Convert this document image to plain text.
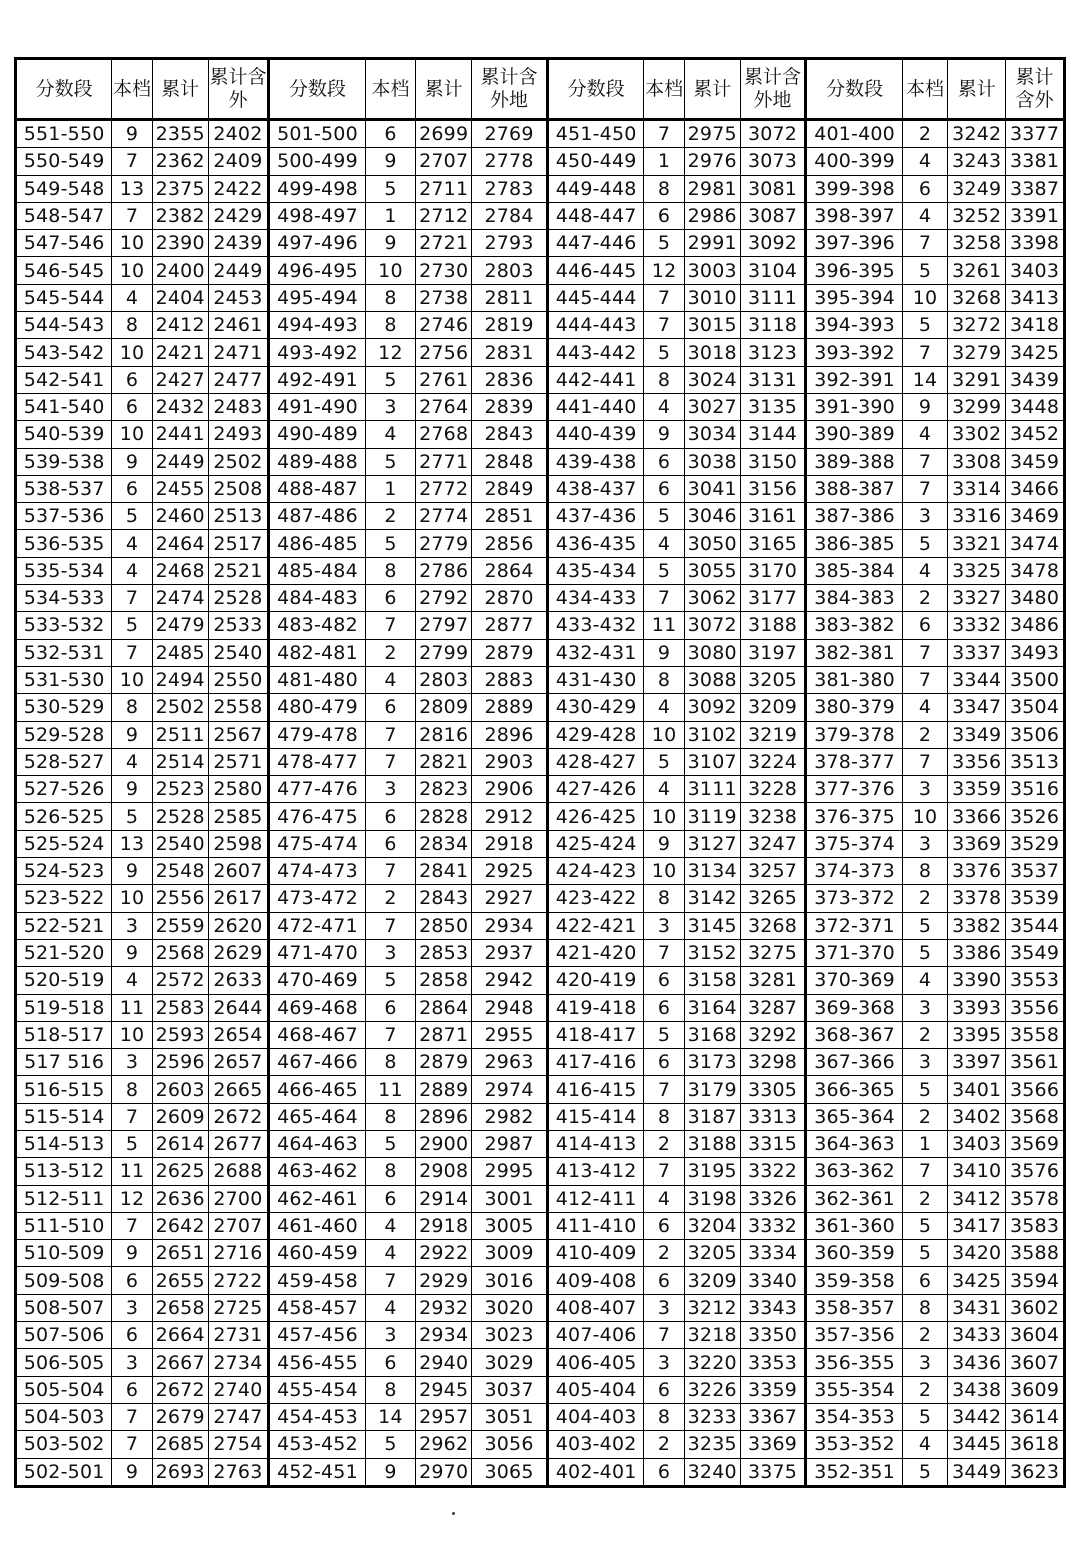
分数段	本档	累计	累计含外	分数段	本档	累计	累计含外地	分数段	本档	累计	累计含外地	分数段	本档	累计	累计含外
551-550	9	2355	2402	501-500	6	2699	2769	451-450	7	2975	3072	401-400	2	3242	3377
550-549	7	2362	2409	500-499	9	2707	2778	450-449	1	2976	3073	400-399	4	3243	3381
549-548	13	2375	2422	499-498	5	2711	2783	449-448	8	2981	3081	399-398	6	3249	3387
548-547	7	2382	2429	498-497	1	2712	2784	448-447	6	2986	3087	398-397	4	3252	3391
547-546	10	2390	2439	497-496	9	2721	2793	447-446	5	2991	3092	397-396	7	3258	3398
546-545	10	2400	2449	496-495	10	2730	2803	446-445	12	3003	3104	396-395	5	3261	3403
545-544	4	2404	2453	495-494	8	2738	2811	445-444	7	3010	3111	395-394	10	3268	3413
544-543	8	2412	2461	494-493	8	2746	2819	444-443	7	3015	3118	394-393	5	3272	3418
543-542	10	2421	2471	493-492	12	2756	2831	443-442	5	3018	3123	393-392	7	3279	3425
542-541	6	2427	2477	492-491	5	2761	2836	442-441	8	3024	3131	392-391	14	3291	3439
541-540	6	2432	2483	491-490	3	2764	2839	441-440	4	3027	3135	391-390	9	3299	3448
540-539	10	2441	2493	490-489	4	2768	2843	440-439	9	3034	3144	390-389	4	3302	3452
539-538	9	2449	2502	489-488	5	2771	2848	439-438	6	3038	3150	389-388	7	3308	3459
538-537	6	2455	2508	488-487	1	2772	2849	438-437	6	3041	3156	388-387	7	3314	3466
537-536	5	2460	2513	487-486	2	2774	2851	437-436	5	3046	3161	387-386	3	3316	3469
536-535	4	2464	2517	486-485	5	2779	2856	436-435	4	3050	3165	386-385	5	3321	3474
535-534	4	2468	2521	485-484	8	2786	2864	435-434	5	3055	3170	385-384	4	3325	3478
534-533	7	2474	2528	484-483	6	2792	2870	434-433	7	3062	3177	384-383	2	3327	3480
533-532	5	2479	2533	483-482	7	2797	2877	433-432	11	3072	3188	383-382	6	3332	3486
532-531	7	2485	2540	482-481	2	2799	2879	432-431	9	3080	3197	382-381	7	3337	3493
531-530	10	2494	2550	481-480	4	2803	2883	431-430	8	3088	3205	381-380	7	3344	3500
530-529	8	2502	2558	480-479	6	2809	2889	430-429	4	3092	3209	380-379	4	3347	3504
529-528	9	2511	2567	479-478	7	2816	2896	429-428	10	3102	3219	379-378	2	3349	3506
528-527	4	2514	2571	478-477	7	2821	2903	428-427	5	3107	3224	378-377	7	3356	3513
527-526	9	2523	2580	477-476	3	2823	2906	427-426	4	3111	3228	377-376	3	3359	3516
526-525	5	2528	2585	476-475	6	2828	2912	426-425	10	3119	3238	376-375	10	3366	3526
525-524	13	2540	2598	475-474	6	2834	2918	425-424	9	3127	3247	375-374	3	3369	3529
524-523	9	2548	2607	474-473	7	2841	2925	424-423	10	3134	3257	374-373	8	3376	3537
523-522	10	2556	2617	473-472	2	2843	2927	423-422	8	3142	3265	373-372	2	3378	3539
522-521	3	2559	2620	472-471	7	2850	2934	422-421	3	3145	3268	372-371	5	3382	3544
521-520	9	2568	2629	471-470	3	2853	2937	421-420	7	3152	3275	371-370	5	3386	3549
520-519	4	2572	2633	470-469	5	2858	2942	420-419	6	3158	3281	370-369	4	3390	3553
519-518	11	2583	2644	469-468	6	2864	2948	419-418	6	3164	3287	369-368	3	3393	3556
518-517	10	2593	2654	468-467	7	2871	2955	418-417	5	3168	3292	368-367	2	3395	3558
517 516	3	2596	2657	467-466	8	2879	2963	417-416	6	3173	3298	367-366	3	3397	3561
516-515	8	2603	2665	466-465	11	2889	2974	416-415	7	3179	3305	366-365	5	3401	3566
515-514	7	2609	2672	465-464	8	2896	2982	415-414	8	3187	3313	365-364	2	3402	3568
514-513	5	2614	2677	464-463	5	2900	2987	414-413	2	3188	3315	364-363	1	3403	3569
513-512	11	2625	2688	463-462	8	2908	2995	413-412	7	3195	3322	363-362	7	3410	3576
512-511	12	2636	2700	462-461	6	2914	3001	412-411	4	3198	3326	362-361	2	3412	3578
511-510	7	2642	2707	461-460	4	2918	3005	411-410	6	3204	3332	361-360	5	3417	3583
510-509	9	2651	2716	460-459	4	2922	3009	410-409	2	3205	3334	360-359	5	3420	3588
509-508	6	2655	2722	459-458	7	2929	3016	409-408	6	3209	3340	359-358	6	3425	3594
508-507	3	2658	2725	458-457	4	2932	3020	408-407	3	3212	3343	358-357	8	3431	3602
507-506	6	2664	2731	457-456	3	2934	3023	407-406	7	3218	3350	357-356	2	3433	3604
506-505	3	2667	2734	456-455	6	2940	3029	406-405	3	3220	3353	356-355	3	3436	3607
505-504	6	2672	2740	455-454	8	2945	3037	405-404	6	3226	3359	355-354	2	3438	3609
504-503	7	2679	2747	454-453	14	2957	3051	404-403	8	3233	3367	354-353	5	3442	3614
503-502	7	2685	2754	453-452	5	2962	3056	403-402	2	3235	3369	353-352	4	3445	3618
502-501	9	2693	2763	452-451	9	2970	3065	402-401	6	3240	3375	352-351	5	3449	3623
